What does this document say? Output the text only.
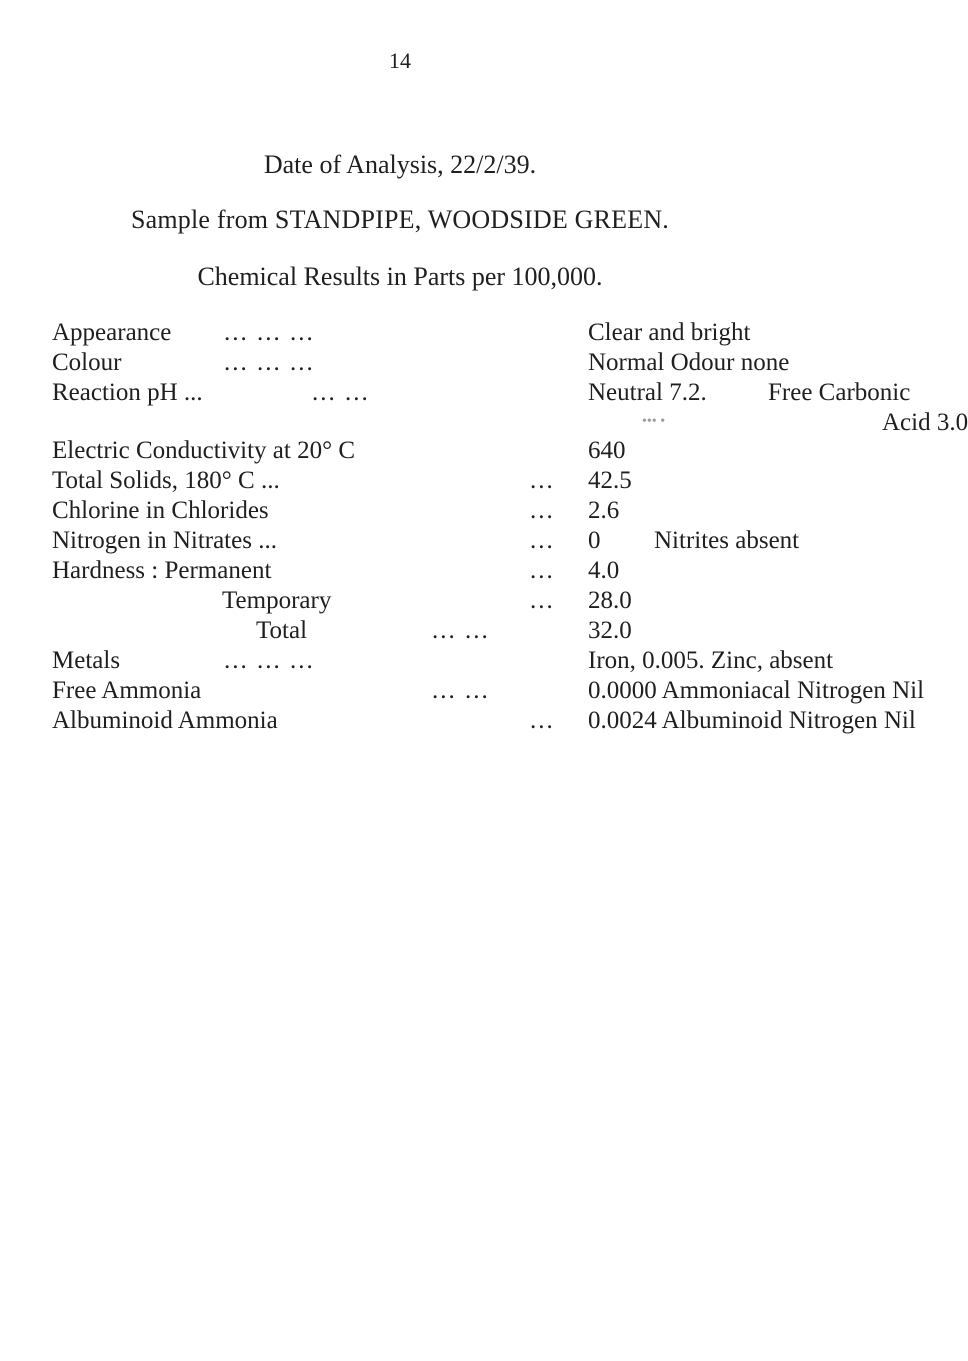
14
Date of Analysis, 22/2/39.
Sample from STANDPIPE, WOODSIDE GREEN.
Chemical Results in Parts per 100,000.
Appearance ... ... ...	Clear and bright
Colour	... ... ...	Normal Odour none
Reaction pH ...	... ...	Neutral 7.2. Free Carbonic
Acid 3.0
••• •
Electric Conductivity at 20° C	640
Total Solids, 180° C ...	... 42.5
Chlorine in Chlorides	... 2.6
Nitrogen in Nitrates ...	... 0 Nitrites absent
Hardness : Permanent	... 4.0
Temporary	... 28.0
Total	... ...	32.0
Metals	... ... ...	Iron, 0.005. Zinc, absent
Free Ammonia	... ...	0.0000 Ammoniacal Nitrogen Nil
Albuminoid Ammonia	... 0.0024 Albuminoid Nitrogen Nil
